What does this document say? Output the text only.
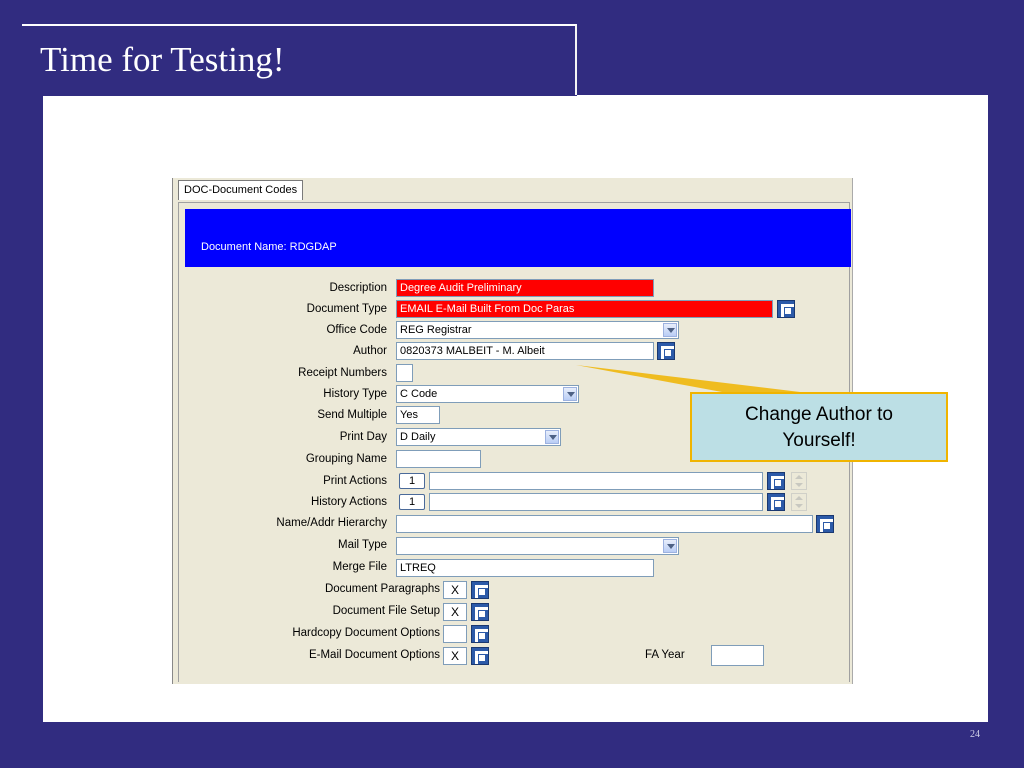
Time for Testing!
24
DOC-Document Codes
Document Name: RDGDAP
Description
Document Type
Office Code
Author
Receipt Numbers
History Type
Send Multiple
Print Day
Grouping Name
Print Actions
History Actions
Name/Addr Hierarchy
Mail Type
Merge File
Document Paragraphs
Document File Setup
Hardcopy Document Options
E-Mail Document Options	FA Year
Degree Audit Preliminary
EMAIL E-Mail Built From Doc Paras
REG Registrar
0820373 MALBEIT - M. Albeit
C Code
Yes
D Daily
1
1
LTREQ
X
X
X
Change Author to
Yourself!
